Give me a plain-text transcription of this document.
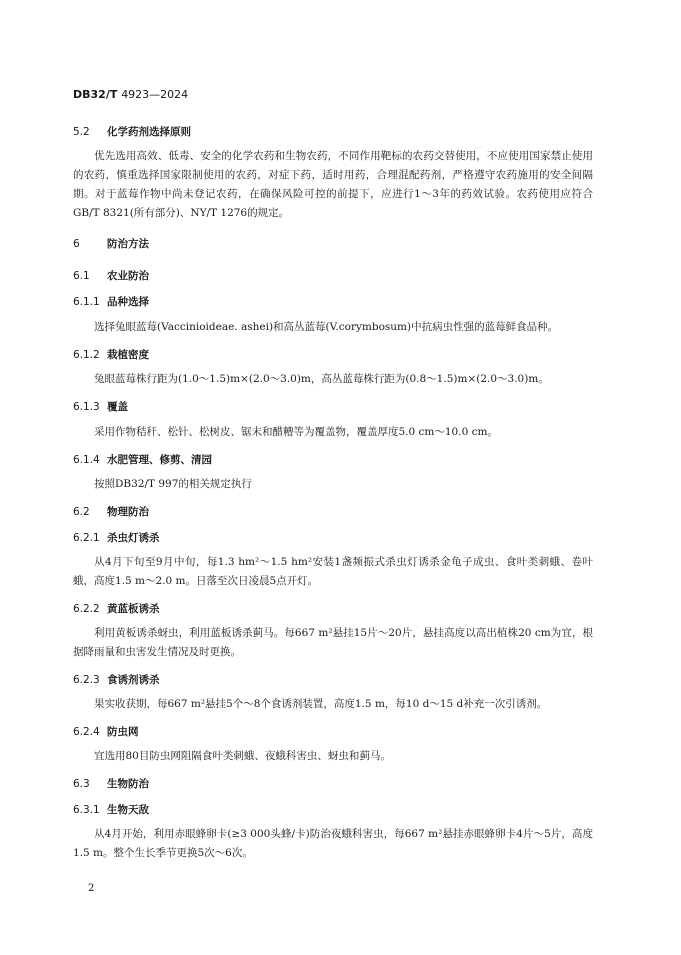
DB32/T 4923—2024
5.2 化学药剂选择原则
优先选用高效、低毒、安全的化学农药和生物农药，不同作用靶标的农药交替使用，不应使用国家禁止使用的农药，慎重选择国家限制使用的农药，对症下药，适时用药，合理混配药剂，严格遵守农药施用的安全间隔期。对于蓝莓作物中尚未登记农药，在确保风险可控的前提下，应进行1～3年的药效试验。农药使用应符合GB/T 8321(所有部分)、NY/T 1276的规定。
6	防治方法
6.1 农业防治
6.1.1 品种选择
选择兔眼蓝莓(Vaccinioideae. ashei)和高丛蓝莓(V.corymbosum)中抗病虫性强的蓝莓鲜食品种。
6.1.2 栽植密度
兔眼蓝莓株行距为(1.0～1.5)m×(2.0～3.0)m，高丛蓝莓株行距为(0.8～1.5)m×(2.0～3.0)m。
6.1.3 覆盖
采用作物秸秆、松针、松树皮、锯末和醋糟等为覆盖物，覆盖厚度5.0 cm～10.0 cm。
6.1.4 水肥管理、修剪、清园
按照DB32/T 997的相关规定执行
6.2 物理防治
6.2.1 杀虫灯诱杀
从4月下旬至9月中旬，每1.3 hm²～1.5 hm²安装1盏频振式杀虫灯诱杀金龟子成虫、食叶类刺蛾、卷叶蛾，高度1.5 m～2.0 m。日落至次日凌晨5点开灯。
6.2.2 黄蓝板诱杀
利用黄板诱杀蚜虫，利用蓝板诱杀蓟马。每667 m²悬挂15片～20片，悬挂高度以高出植株20 cm为宜，根据降雨量和虫害发生情况及时更换。
6.2.3 食诱剂诱杀
果实收获期，每667 m²悬挂5个～8个食诱剂装置，高度1.5 m，每10 d～15 d补充一次引诱剂。
6.2.4 防虫网
宜选用80目防虫网阻隔食叶类刺蛾、夜蛾科害虫、蚜虫和蓟马。
6.3 生物防治
6.3.1 生物天敌
从4月开始，利用赤眼蜂卵卡(≥3 000头蜂/卡)防治夜蛾科害虫，每667 m²悬挂赤眼蜂卵卡4片～5片，高度1.5 m。整个生长季节更换5次～6次。
2
